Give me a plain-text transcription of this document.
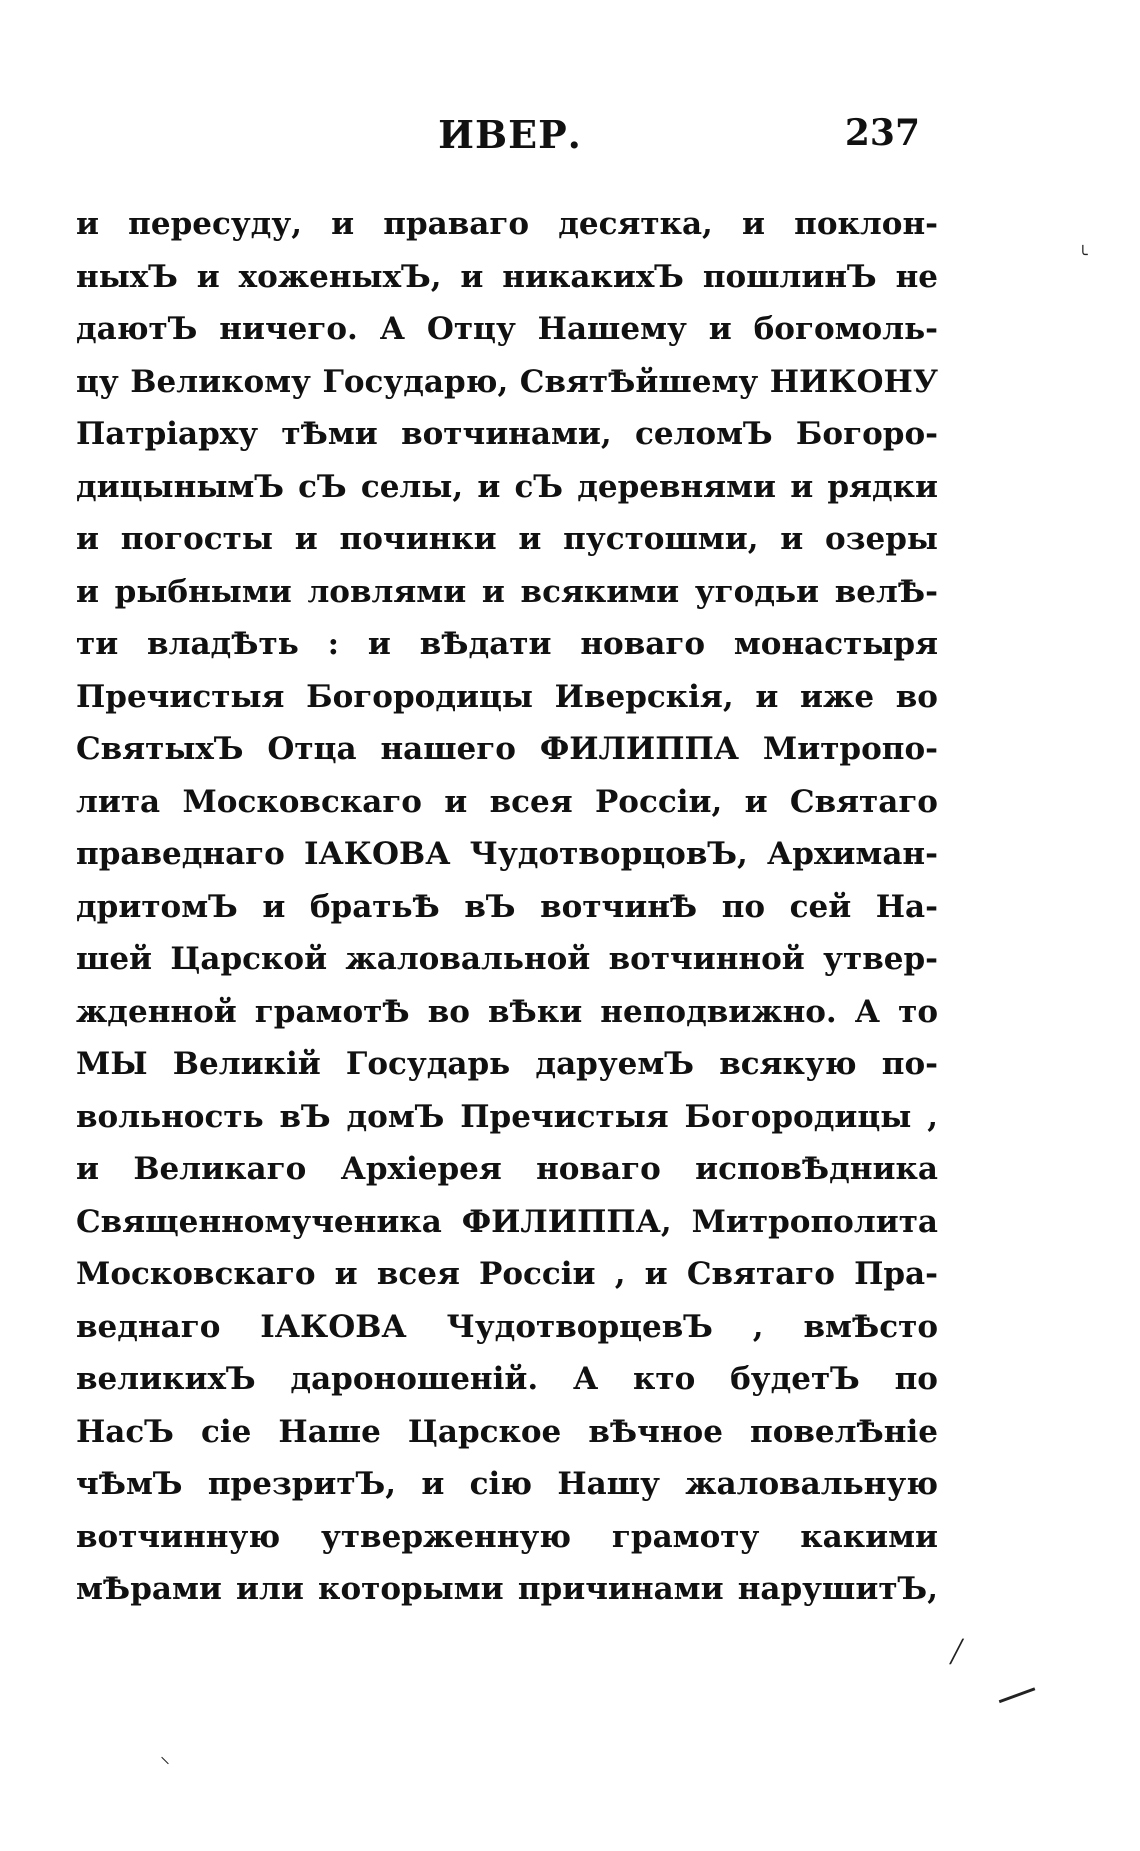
ИВЕР.	237
и пересуду, и праваго десятка, и поклон-
ныхЪ и хоженыхЪ, и никакихЪ пошлинЪ не
даютЪ ничего. А Отцу Нашему и богомоль-
цу Великому Государю, СвятѢйшему НИКОНУ
Патріарху тѢми вотчинами, селомЪ Богоро-
дицынымЪ сЪ селы, и сЪ деревнями и рядки
и погосты и починки и пустошми, и озеры
и рыбными ловлями и всякими угодьи велѢ-
ти владѢть : и вѢдати новаго монастыря
Пречистыя Богородицы Иверскія, и иже во
СвятыхЪ Отца нашего ФИЛИППА Митропо-
лита Московскаго и всея Россіи, и Святаго
праведнаго ІАКОВА ЧудотворцовЪ, Архиман-
дритомЪ и братьѢ вЪ вотчинѢ по сей На-
шей Царской жаловальной вотчинной утвер-
жденной грамотѢ во вѢки неподвижно. А то
МЫ Великій Государь даруемЪ всякую по-
вольность вЪ домЪ Пречистыя Богородицы ,
и Великаго Архіерея новаго исповѢдника
Священномученика ФИЛИППА, Митрополита
Московскаго и всея Россіи , и Святаго Пра-
веднаго ІАКОВА ЧудотворцевЪ , вмѢсто
великихЪ дароношеній. А кто будетЪ по
НасЪ сіе Наше Царское вѢчное повелѢніе
чѢмЪ презритЪ, и сію Нашу жаловальную
вотчинную утверженную грамоту какими
мѢрами или которыми причинами нарушитЪ,
╰
╱
—
⸌
